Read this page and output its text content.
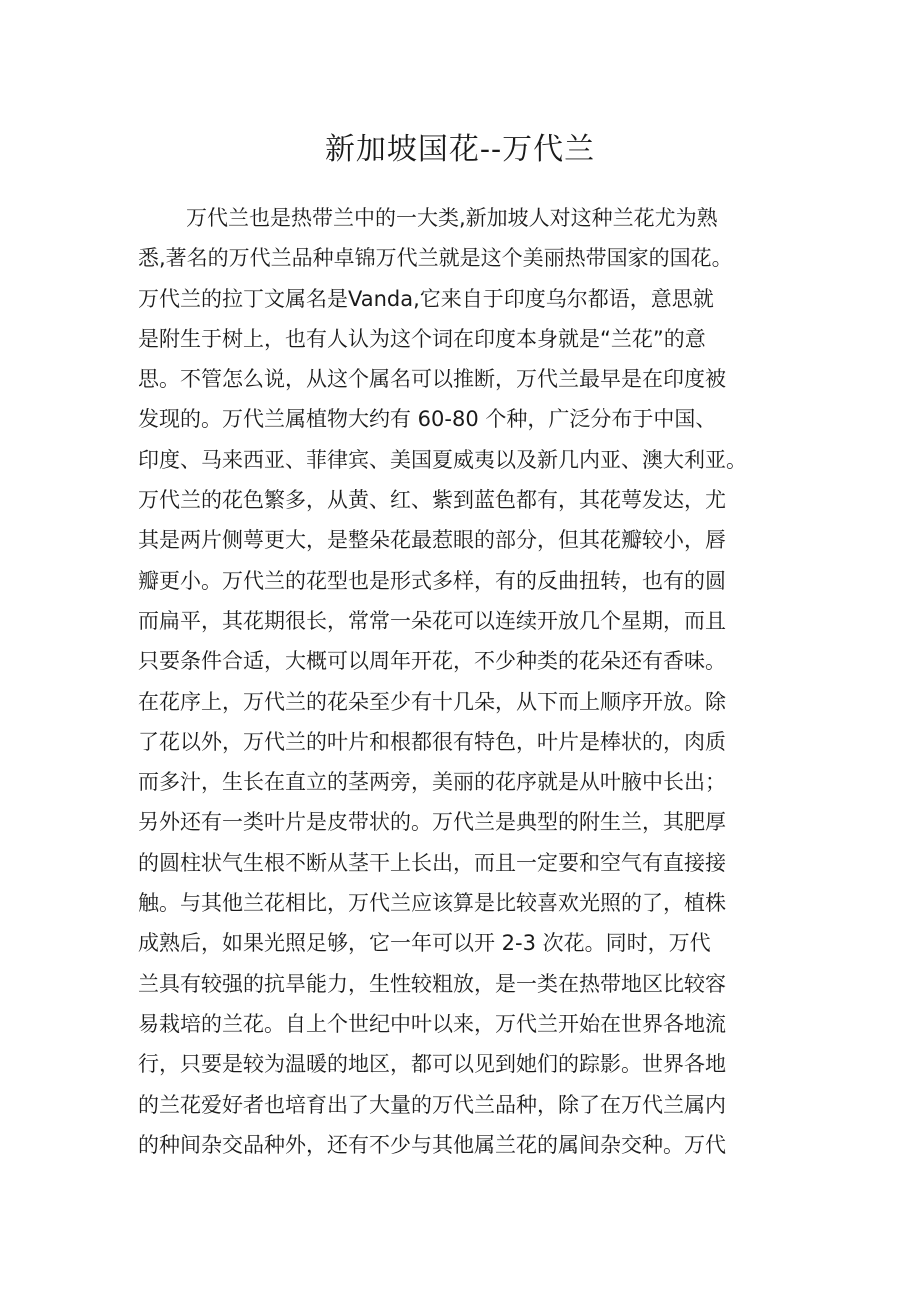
新加坡国花--万代兰
万代兰也是热带兰中的一大类,新加坡人对这种兰花尤为熟
悉,著名的万代兰品种卓锦万代兰就是这个美丽热带国家的国花。
万代兰的拉丁文属名是Vanda,它来自于印度乌尔都语，意思就
是附生于树上，也有人认为这个词在印度本身就是“兰花”的意
思。不管怎么说，从这个属名可以推断，万代兰最早是在印度被
发现的。万代兰属植物大约有 60-80 个种，广泛分布于中国、
印度、马来西亚、菲律宾、美国夏威夷以及新几内亚、澳大利亚。
万代兰的花色繁多，从黄、红、紫到蓝色都有，其花萼发达，尤
其是两片侧萼更大，是整朵花最惹眼的部分，但其花瓣较小，唇
瓣更小。万代兰的花型也是形式多样，有的反曲扭转，也有的圆
而扁平，其花期很长，常常一朵花可以连续开放几个星期，而且
只要条件合适，大概可以周年开花，不少种类的花朵还有香味。
在花序上，万代兰的花朵至少有十几朵，从下而上顺序开放。除
了花以外，万代兰的叶片和根都很有特色，叶片是棒状的，肉质
而多汁，生长在直立的茎两旁，美丽的花序就是从叶腋中长出；
另外还有一类叶片是皮带状的。万代兰是典型的附生兰，其肥厚
的圆柱状气生根不断从茎干上长出，而且一定要和空气有直接接
触。与其他兰花相比，万代兰应该算是比较喜欢光照的了，植株
成熟后，如果光照足够，它一年可以开 2-3 次花。同时，万代
兰具有较强的抗旱能力，生性较粗放，是一类在热带地区比较容
易栽培的兰花。自上个世纪中叶以来，万代兰开始在世界各地流
行，只要是较为温暖的地区，都可以见到她们的踪影。世界各地
的兰花爱好者也培育出了大量的万代兰品种，除了在万代兰属内
的种间杂交品种外，还有不少与其他属兰花的属间杂交种。万代
